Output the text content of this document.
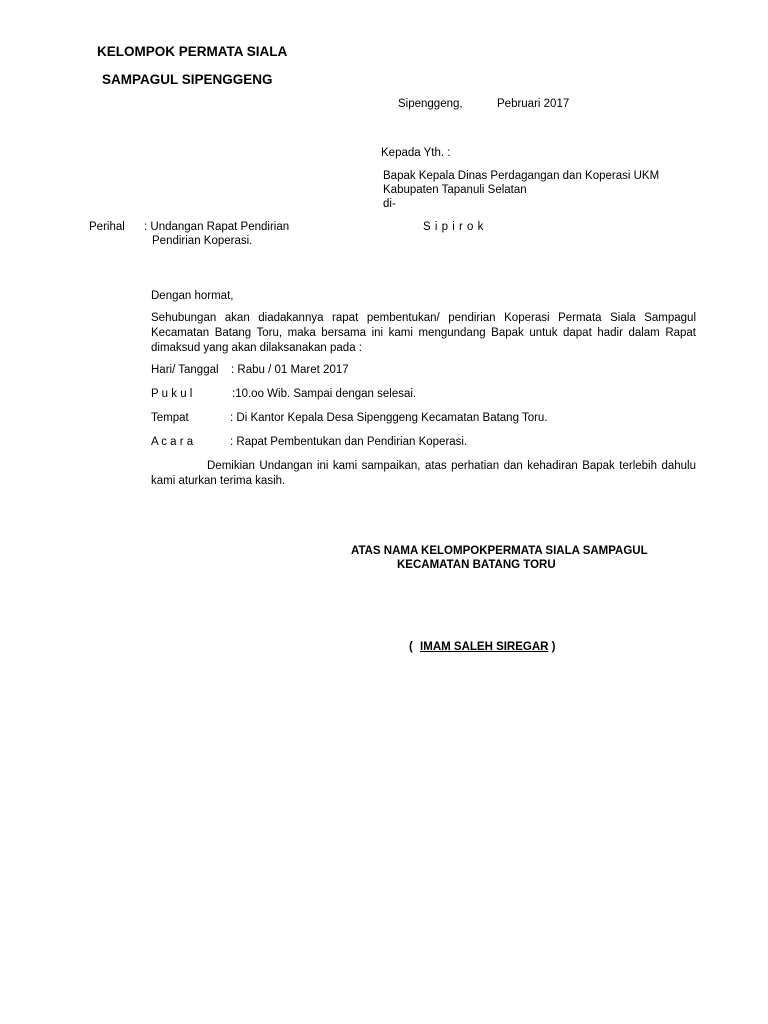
KELOMPOK PERMATA SIALA
SAMPAGUL SIPENGGENG
Sipenggeng,	Pebruari 2017
Kepada Yth. :
Bapak Kepala Dinas Perdagangan dan Koperasi UKM
Kabupaten Tapanuli Selatan
di-
S i p i r o k
Perihal : Undangan Rapat Pendirian
Pendirian Koperasi.
Dengan hormat,
Sehubungan akan diadakannya rapat pembentukan/ pendirian Koperasi Permata Siala Sampagul Kecamatan Batang Toru, maka bersama ini kami mengundang Bapak untuk dapat hadir dalam Rapat dimaksud yang akan dilaksanakan pada :
Hari/ Tanggal : Rabu / 01 Maret 2017
P u k u l	:10.oo Wib. Sampai dengan selesai.
Tempat	: Di Kantor Kepala Desa Sipenggeng Kecamatan Batang Toru.
A c a r a	: Rapat Pembentukan dan Pendirian Koperasi.
Demikian Undangan ini kami sampaikan, atas perhatian dan kehadiran Bapak terlebih dahulu kami aturkan terima kasih.
ATAS NAMA KELOMPOKPERMATA SIALA SAMPAGUL
KECAMATAN BATANG TORU
( IMAM SALEH SIREGAR )
